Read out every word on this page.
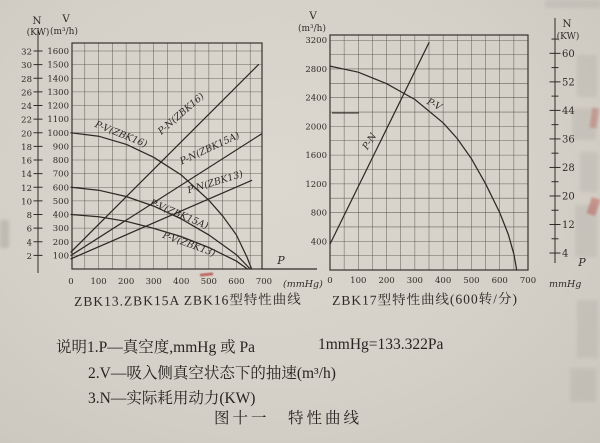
0 100 200 300 400 500 600 700
P
(mmHg)
100
200
300
400
500
600
700
800
900
1000
1100
1200
1300
1400
1500
1600
2
4
6
8
10
12
14
16
18
20
22
24
26
28
30
32
N
(KW)
V
(m³/h)
P-V(ZBK16)
P-V(ZBK15A)
P-V(ZBK13)
P-N(ZBK16)
P-N(ZBK15A)
P-N(ZBK13)
0 100 200 300 400 500 600 700
P
mmHg
400
800
1200
1600
2000
2400
2800
3200
4
12
20
28
36
44
52
60
V
(m³/h)	N
(KW)
P-V
P-N
ZBK13.ZBK15A ZBK16型特性曲线 ZBK17型特性曲线(600转/分)
说明1.P—真空度,mmHg 或 Pa	1mmHg=133.322Pa
2.V—吸入侧真空状态下的抽速(m³/h)
3.N—实际耗用动力(KW)
图十一　特性曲线
